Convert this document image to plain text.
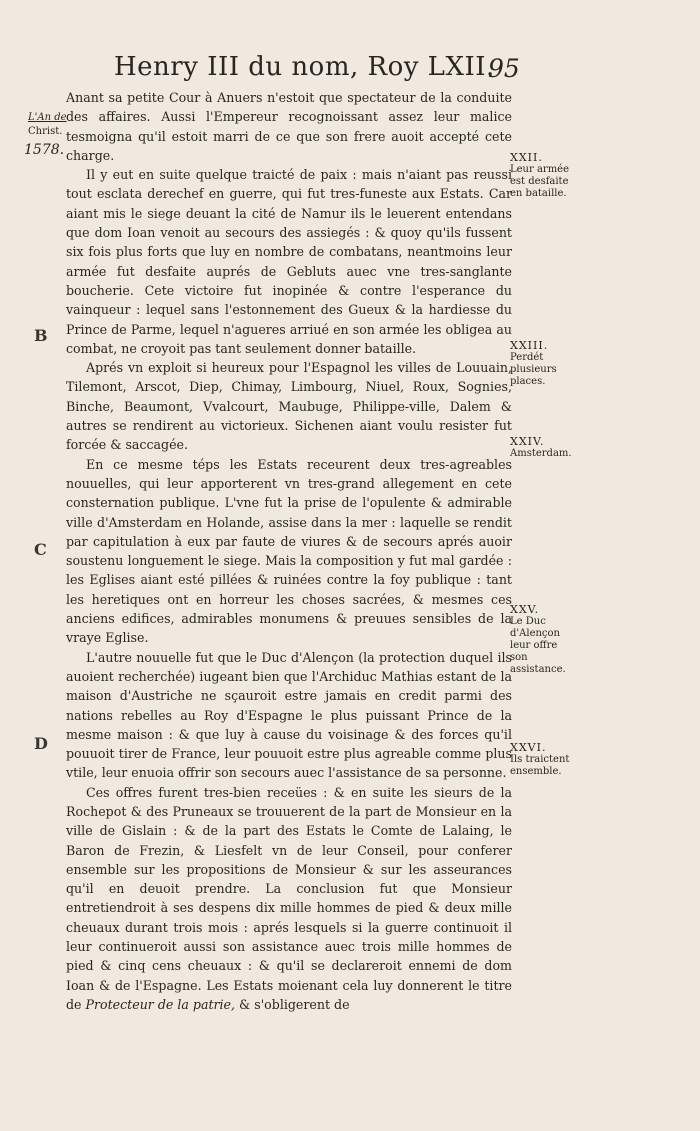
Henry III du nom, Roy LXII.
95
L'An de
Christ.
1578.
B
C
D

Anant sa petite Cour à Anuers n'estoit que spectateur de la conduite des affaires. Aussi l'Empereur recognoissant assez leur malice tesmoigna qu'il estoit marri de ce que son frere auoit accepté cete charge.

Il y eut en suite quelque traicté de paix : mais n'aiant pas reussi tout esclata derechef en guerre, qui fut tres-funeste aux Estats. Car aiant mis le siege deuant la cité de Namur ils le leuerent entendans que dom Ioan venoit au secours des assiegés : & quoy qu'ils fussent six fois plus forts que luy en nombre de combatans, neantmoins leur armée fut desfaite auprés de Gebluts auec vne tres-sanglante boucherie. Cete victoire fut inopinée & contre l'esperance du vainqueur : lequel sans l'estonnement des Gueux & la hardiesse du Prince de Parme, lequel n'agueres arriué en son armée les obligea au combat, ne croyoit pas tant seulement donner bataille.

Aprés vn exploit si heureux pour l'Espagnol les villes de Louuain, Tilemont, Arscot, Diep, Chimay, Limbourg, Niuel, Roux, Sognies, Binche, Beaumont, Vvalcourt, Maubuge, Philippe-ville, Dalem & autres se rendirent au victorieux. Sichenen aiant voulu resister fut forcée & saccagée.

En ce mesme téps les Estats receurent deux tres-agreables nouuelles, qui leur apporterent vn tres-grand allegement en cete consternation publique. L'vne fut la prise de l'opulente & admirable ville d'Amsterdam en Holande, assise dans la mer : laquelle se rendit par capitulation à eux par faute de viures & de secours aprés auoir soustenu longuement le siege. Mais la composition y fut mal gardée : les Eglises aiant esté pillées & ruinées contre la foy publique : tant les heretiques ont en horreur les choses sacrées, & mesmes ces anciens edifices, admirables monumens & preuues sensibles de la vraye Eglise.

L'autre nouuelle fut que le Duc d'Alençon (la protection duquel ils auoient recherchée) iugeant bien que l'Archiduc Mathias estant de la maison d'Austriche ne sçauroit estre jamais en credit parmi des nations rebelles au Roy d'Espagne le plus puissant Prince de la mesme maison : & que luy à cause du voisinage & des forces qu'il pouuoit tirer de France, leur pouuoit estre plus agreable comme plus vtile, leur enuoia offrir son secours auec l'assistance de sa personne.

Ces offres furent tres-bien receües : & en suite les sieurs de la Rochepot & des Pruneaux se trouuerent de la part de Monsieur en la ville de Gislain : & de la part des Estats le Comte de Lalaing, le Baron de Frezin, & Liesfelt vn de leur Conseil, pour conferer ensemble sur les propositions de Monsieur & sur les asseurances qu'il en deuoit prendre. La conclusion fut que Monsieur entretiendroit à ses despens dix mille hommes de pied & deux mille cheuaux durant trois mois : aprés lesquels si la guerre continuoit il leur continueroit aussi son assistance auec trois mille hommes de pied & cinq cens cheuaux : & qu'il se declareroit ennemi de dom Ioan & de l'Espagne. Les Estats moienant cela luy donnerent le titre de Protecteur de la patrie, & s'obligerent de

XXII.
Leur armée est desfaite en bataille.
XXIII.
Perdét plusieurs places.
XXIV.
Amsterdam.
XXV.
Le Duc d'Alençon leur offre son assistance.
XXVI.
Ils traictent ensemble.
